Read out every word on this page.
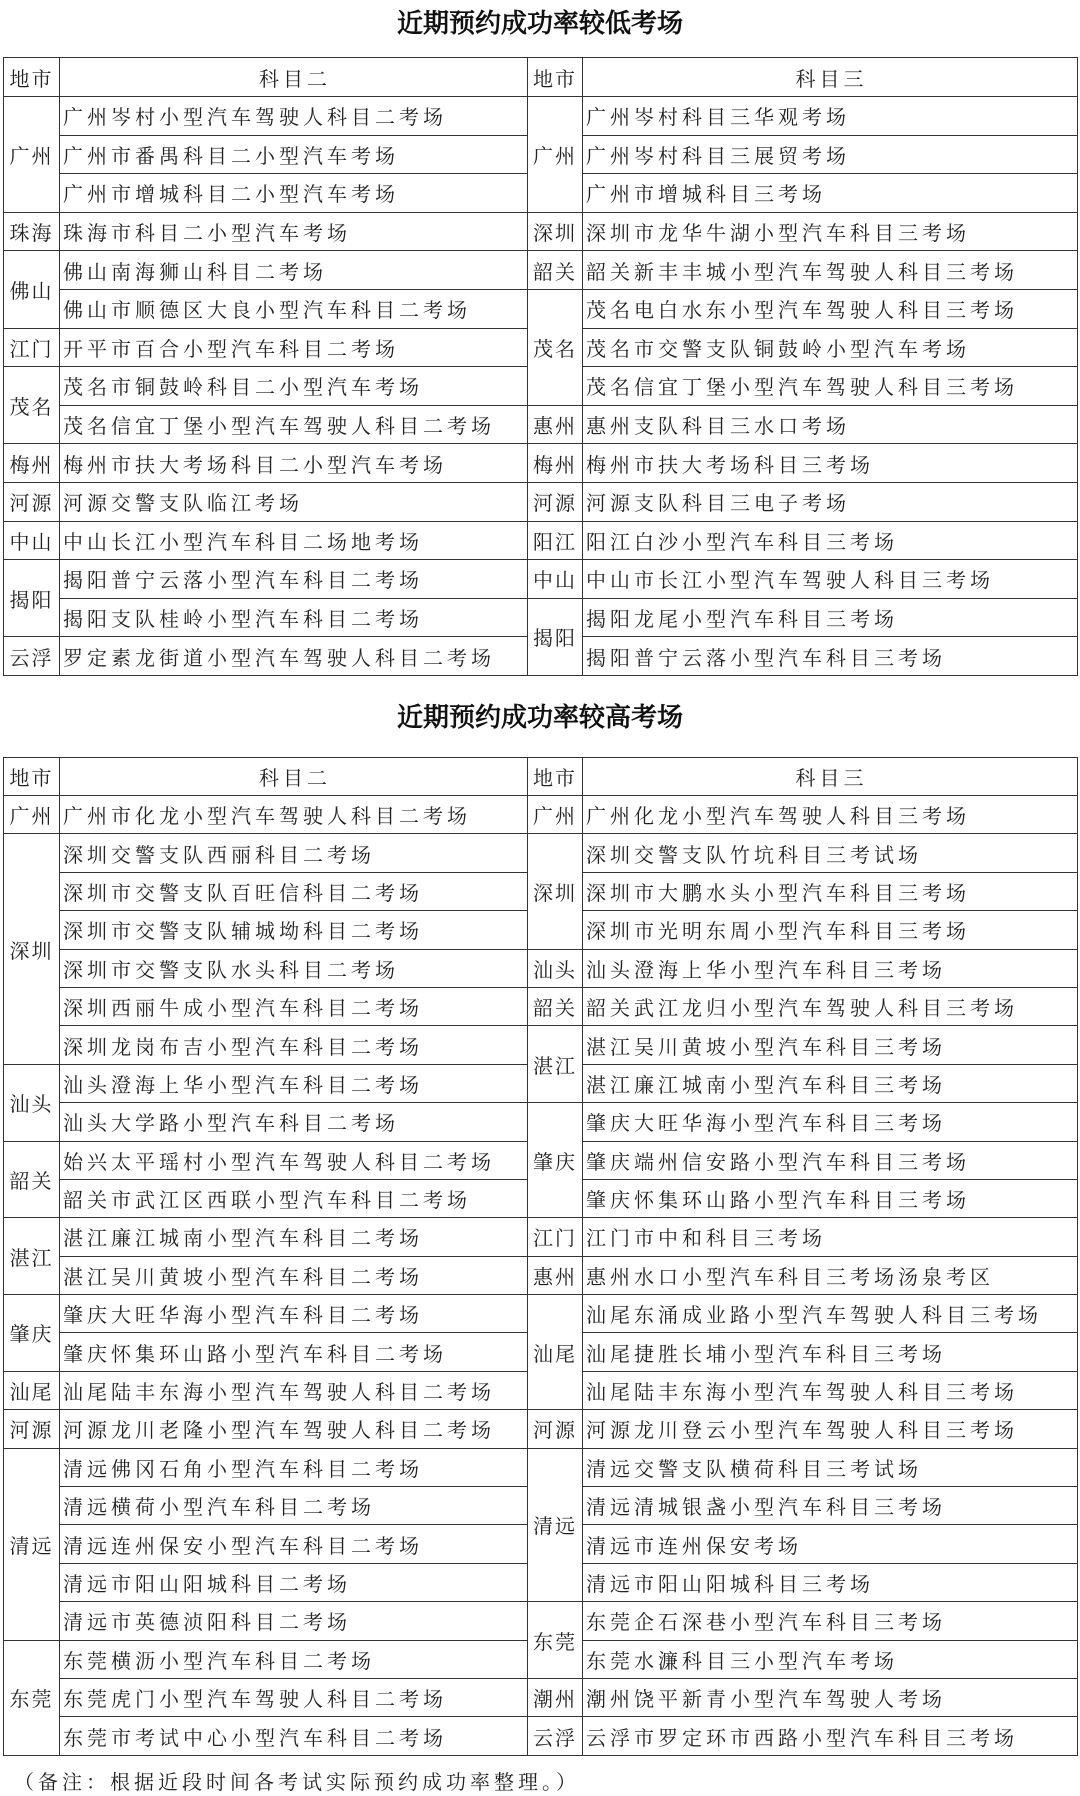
近期预约成功率较低考场
地市	科目二	地市	科目三
广州	广州岑村小型汽车驾驶人科目二考场	广州	广州岑村科目三华观考场
	广州市番禺科目二小型汽车考场		广州岑村科目三展贸考场
	广州市增城科目二小型汽车考场		广州市增城科目三考场
珠海	珠海市科目二小型汽车考场	深圳	深圳市龙华牛湖小型汽车科目三考场
佛山	佛山南海狮山科目二考场	韶关	韶关新丰丰城小型汽车驾驶人科目三考场
	佛山市顺德区大良小型汽车科目二考场	茂名	茂名电白水东小型汽车驾驶人科目三考场
江门	开平市百合小型汽车科目二考场		茂名市交警支队铜鼓岭小型汽车考场
茂名	茂名市铜鼓岭科目二小型汽车考场		茂名信宜丁堡小型汽车驾驶人科目三考场
	茂名信宜丁堡小型汽车驾驶人科目二考场	惠州	惠州支队科目三水口考场
梅州	梅州市扶大考场科目二小型汽车考场	梅州	梅州市扶大考场科目三考场
河源	河源交警支队临江考场	河源	河源支队科目三电子考场
中山	中山长江小型汽车科目二场地考场	阳江	阳江白沙小型汽车科目三考场
揭阳	揭阳普宁云落小型汽车科目二考场	中山	中山市长江小型汽车驾驶人科目三考场
	揭阳支队桂岭小型汽车科目二考场	揭阳	揭阳龙尾小型汽车科目三考场
云浮	罗定素龙街道小型汽车驾驶人科目二考场		揭阳普宁云落小型汽车科目三考场
近期预约成功率较高考场
地市	科目二	地市	科目三
广州	广州市化龙小型汽车驾驶人科目二考场	广州	广州化龙小型汽车驾驶人科目三考场
深圳	深圳交警支队西丽科目二考场	深圳	深圳交警支队竹坑科目三考试场
	深圳市交警支队百旺信科目二考场		深圳市大鹏水头小型汽车科目三考场
	深圳市交警支队辅城坳科目二考场		深圳市光明东周小型汽车科目三考场
	深圳市交警支队水头科目二考场	汕头	汕头澄海上华小型汽车科目三考场
	深圳西丽牛成小型汽车科目二考场	韶关	韶关武江龙归小型汽车驾驶人科目三考场
	深圳龙岗布吉小型汽车科目二考场	湛江	湛江吴川黄坡小型汽车科目三考场
汕头	汕头澄海上华小型汽车科目二考场		湛江廉江城南小型汽车科目三考场
	汕头大学路小型汽车科目二考场	肇庆	肇庆大旺华海小型汽车科目三考场
韶关	始兴太平瑶村小型汽车驾驶人科目二考场		肇庆端州信安路小型汽车科目三考场
	韶关市武江区西联小型汽车科目二考场		肇庆怀集环山路小型汽车科目三考场
湛江	湛江廉江城南小型汽车科目二考场	江门	江门市中和科目三考场
	湛江吴川黄坡小型汽车科目二考场	惠州	惠州水口小型汽车科目三考场汤泉考区
肇庆	肇庆大旺华海小型汽车科目二考场	汕尾	汕尾东涌成业路小型汽车驾驶人科目三考场
	肇庆怀集环山路小型汽车科目二考场		汕尾捷胜长埔小型汽车科目三考场
汕尾	汕尾陆丰东海小型汽车驾驶人科目二考场		汕尾陆丰东海小型汽车驾驶人科目三考场
河源	河源龙川老隆小型汽车驾驶人科目二考场	河源	河源龙川登云小型汽车驾驶人科目三考场
清远	清远佛冈石角小型汽车科目二考场	清远	清远交警支队横荷科目三考试场
	清远横荷小型汽车科目二考场		清远清城银盏小型汽车科目三考场
	清远连州保安小型汽车科目二考场		清远市连州保安考场
	清远市阳山阳城科目二考场		清远市阳山阳城科目三考场
	清远市英德浈阳科目二考场	东莞	东莞企石深巷小型汽车科目三考场
东莞	东莞横沥小型汽车科目二考场		东莞水濂科目三小型汽车考场
	东莞虎门小型汽车驾驶人科目二考场	潮州	潮州饶平新青小型汽车驾驶人考场
	东莞市考试中心小型汽车科目二考场	云浮	云浮市罗定环市西路小型汽车科目三考场
（备注：根据近段时间各考试实际预约成功率整理。）
